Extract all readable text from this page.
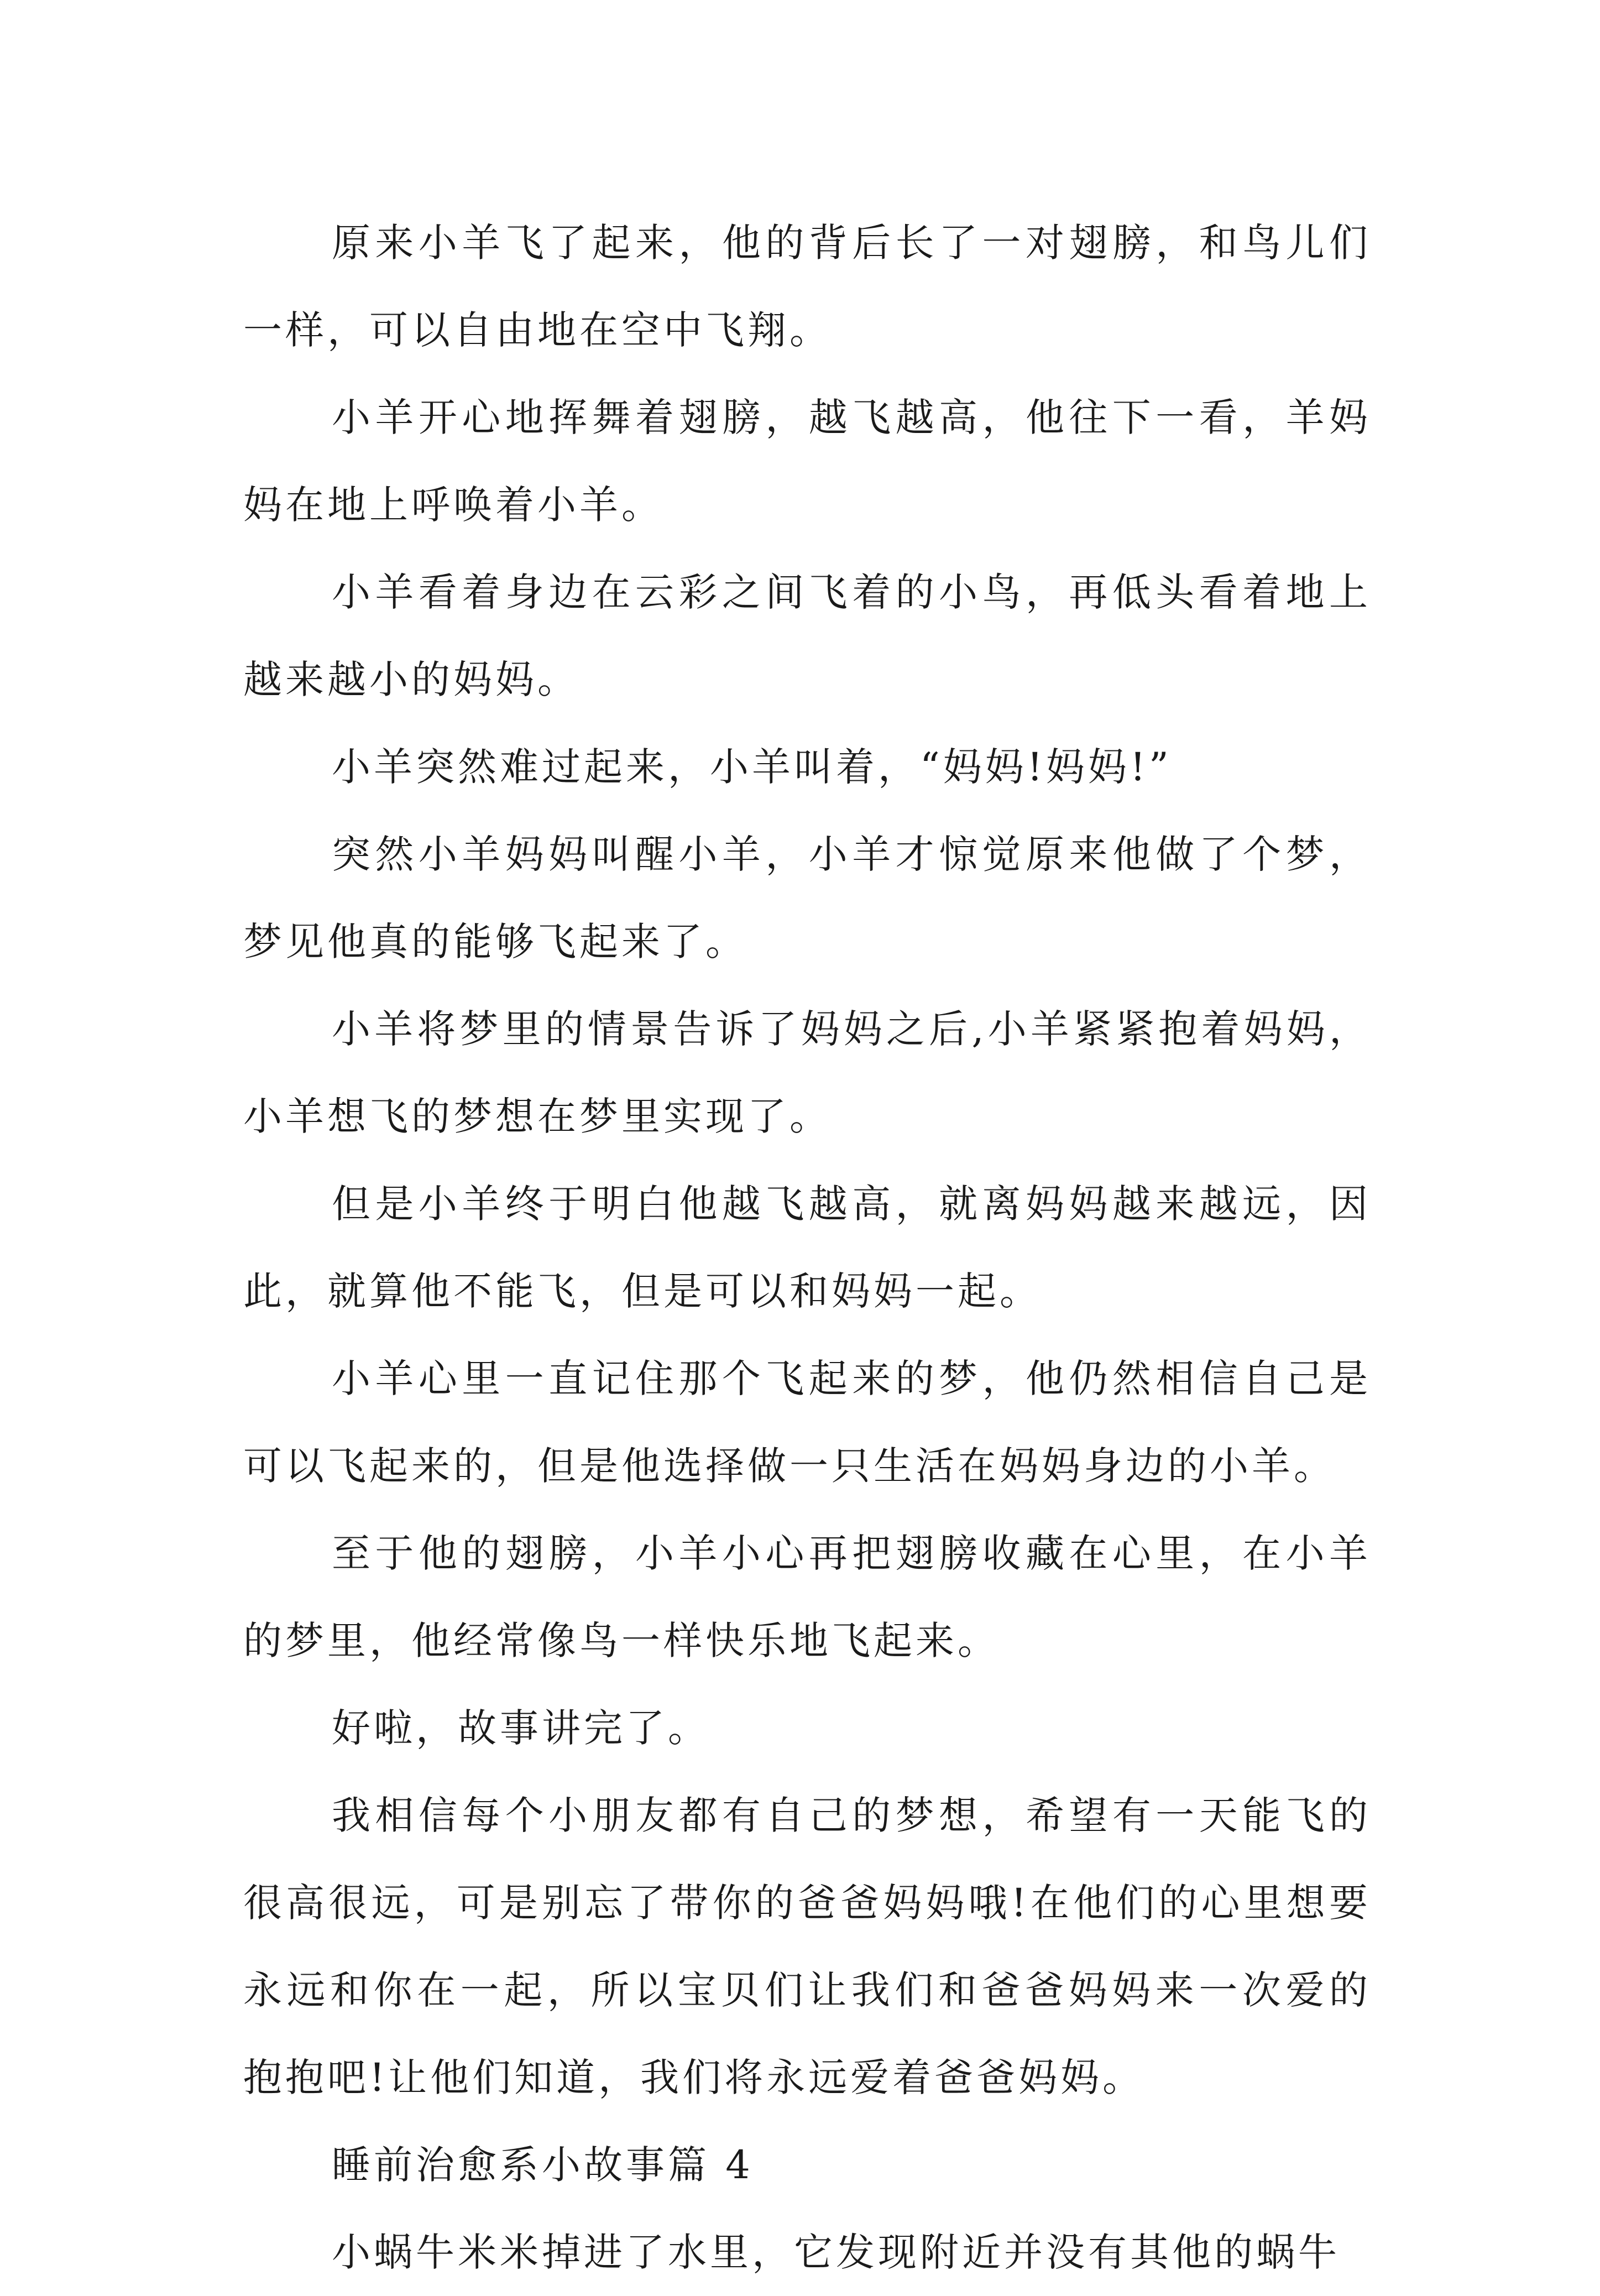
原来小羊飞了起来，他的背后长了一对翅膀，和鸟儿们一样，可以自由地在空中飞翔。

小羊开心地挥舞着翅膀，越飞越高，他往下一看，羊妈妈在地上呼唤着小羊。

小羊看着身边在云彩之间飞着的小鸟，再低头看着地上越来越小的妈妈。

小羊突然难过起来，小羊叫着，“妈妈!妈妈!”

突然小羊妈妈叫醒小羊，小羊才惊觉原来他做了个梦，梦见他真的能够飞起来了。

小羊将梦里的情景告诉了妈妈之后,小羊紧紧抱着妈妈，小羊想飞的梦想在梦里实现了。

但是小羊终于明白他越飞越高，就离妈妈越来越远，因此，就算他不能飞，但是可以和妈妈一起。

小羊心里一直记住那个飞起来的梦，他仍然相信自己是可以飞起来的，但是他选择做一只生活在妈妈身边的小羊。

至于他的翅膀，小羊小心再把翅膀收藏在心里，在小羊的梦里，他经常像鸟一样快乐地飞起来。

好啦，故事讲完了。

我相信每个小朋友都有自己的梦想，希望有一天能飞的很高很远，可是别忘了带你的爸爸妈妈哦!在他们的心里想要永远和你在一起，所以宝贝们让我们和爸爸妈妈来一次爱的抱抱吧!让他们知道，我们将永远爱着爸爸妈妈。

睡前治愈系小故事篇 4

小蜗牛米米掉进了水里，它发现附近并没有其他的蜗牛
